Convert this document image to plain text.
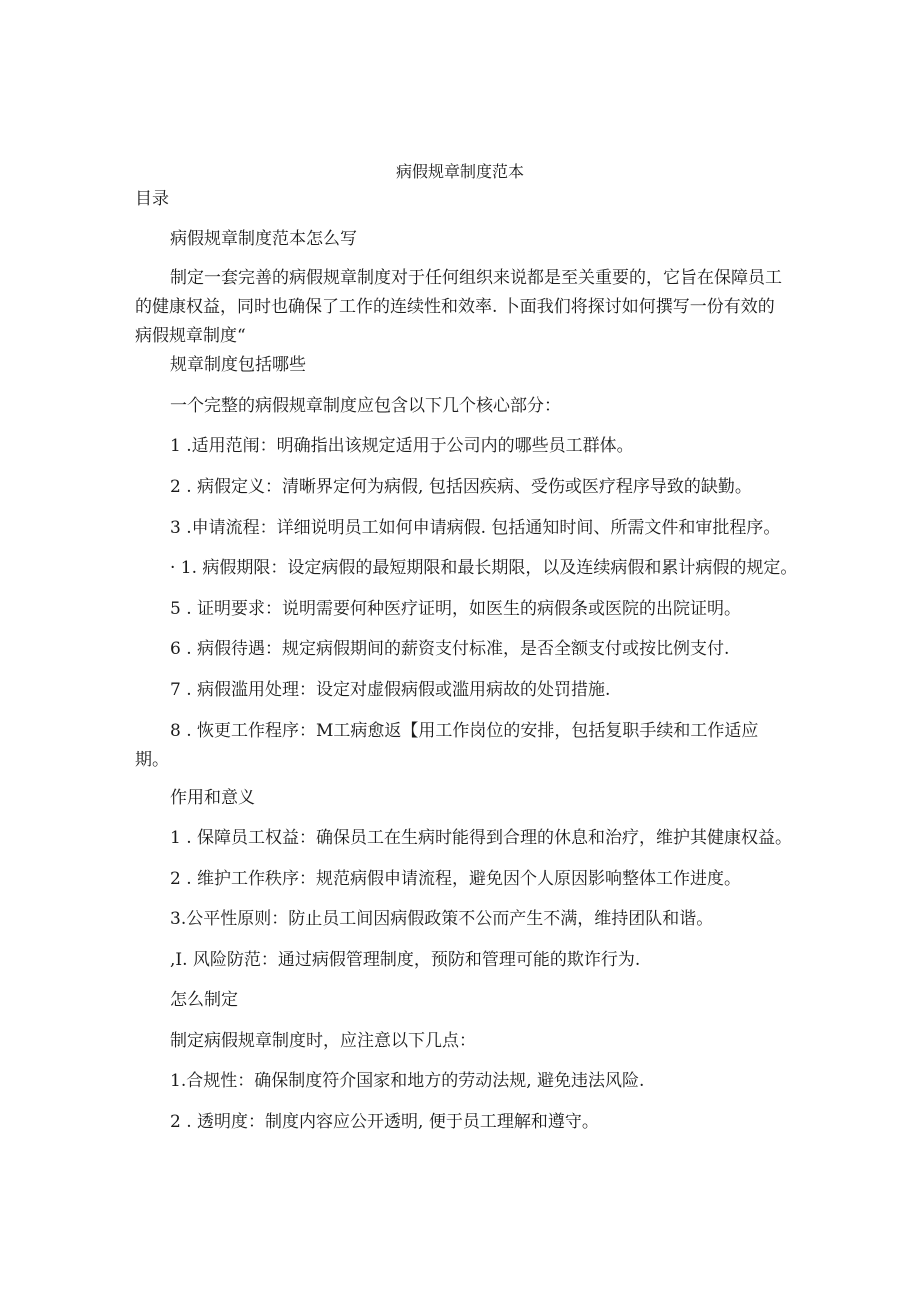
病假规章制度范本

目录

病假规章制度范本怎么写

制定一套完善的病假规章制度对于任何组织来说都是至关重要的，它旨在保障员工的健康权益，同时也确保了工作的连续性和效率. 卜面我们将探讨如何撰写一份有效的病假规章制度“

规章制度包括哪些

一个完整的病假规章制度应包含以下几个核心部分：

1 .适用范闱：明确指出该规定适用于公司内的哪些员工群体。

2 . 病假定义：清晰界定何为病假, 包括因疾病、受伤或医疗程序导致的缺勤。

3 .申请流程：详细说明员工如何申请病假. 包括通知时间、所需文件和审批程序。

· 1. 病假期限：设定病假的最短期限和最长期限，以及连续病假和累计病假的规定。

5 . 证明要求：说明需要何种医疗证明，如医生的病假条或医院的出院证明。

6 . 病假待遇：规定病假期间的薪资支付标准，是否全额支付或按比例支付.

7 . 病假滥用处理：设定对虚假病假或滥用病故的处罚措施.

8 . 恢更工作程序：M工病愈返【用工作岗位的安排，包括复职手续和工作适应期。

作用和意义

1 . 保障员工权益：确保员工在生病时能得到合理的休息和治疗，维护其健康权益。

2 . 维护工作秩序：规范病假申请流程，避免因个人原因影响整体工作进度。

3.公平性原则：防止员工间因病假政策不公而产生不满，维持团队和谐。

,I. 风险防范：通过病假管理制度，预防和管理可能的欺诈行为.

怎么制定

制定病假规章制度时，应注意以下几点：

1.合规性：确保制度符介国家和地方的劳动法规, 避免违法风险.

2 . 透明度：制度内容应公开透明, 便于员工理解和遵守。
